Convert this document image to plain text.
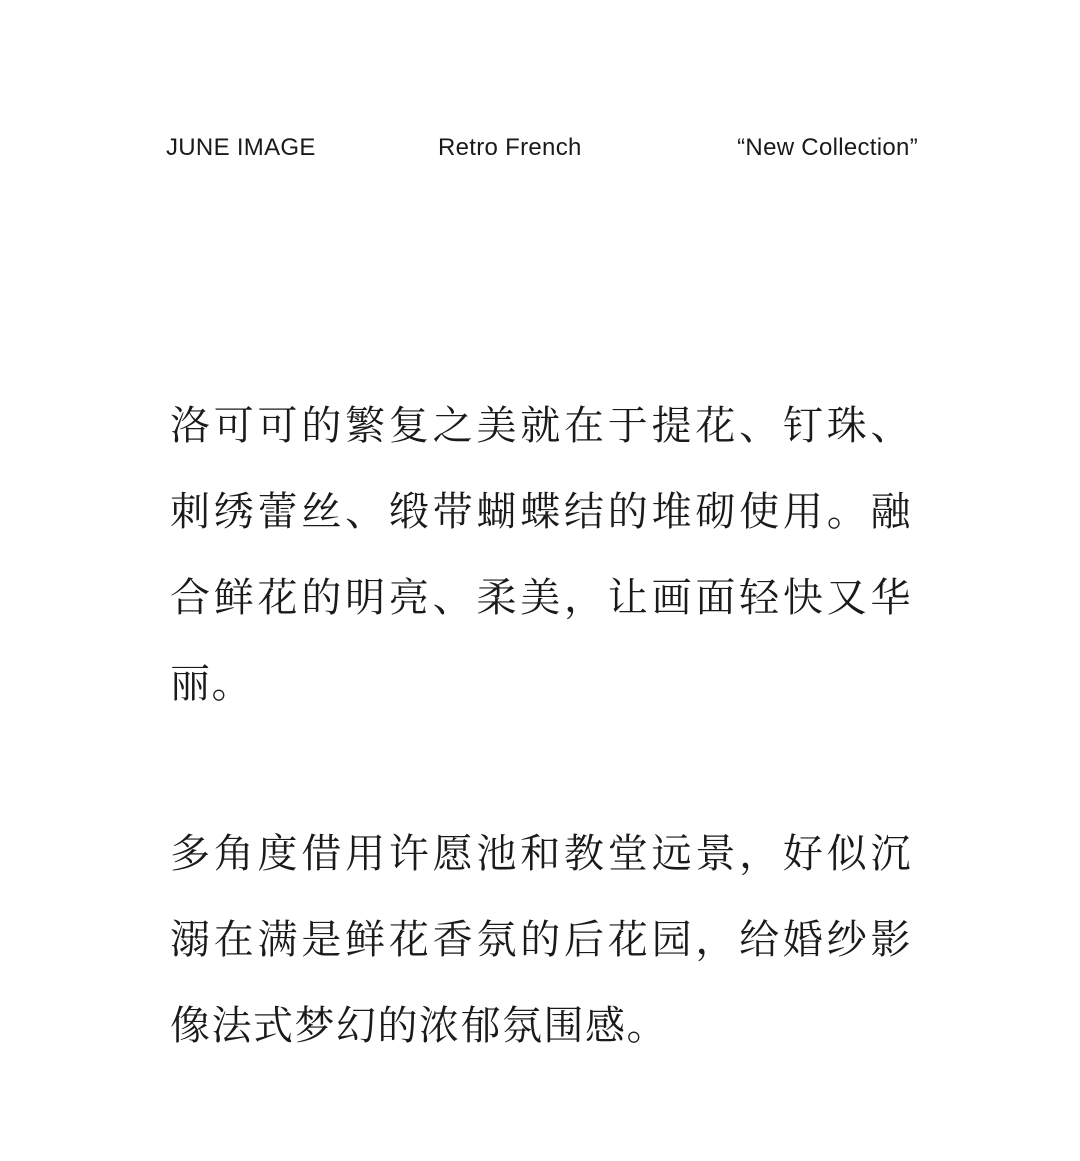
JUNE IMAGE	Retro French	“New Collection”

洛可可的繁复之美就在于提花、钉珠、刺绣蕾丝、缎带蝴蝶结的堆砌使用。融合鲜花的明亮、柔美，让画面轻快又华丽。

多角度借用许愿池和教堂远景，好似沉溺在满是鲜花香氛的后花园，给婚纱影像法式梦幻的浓郁氛围感。
